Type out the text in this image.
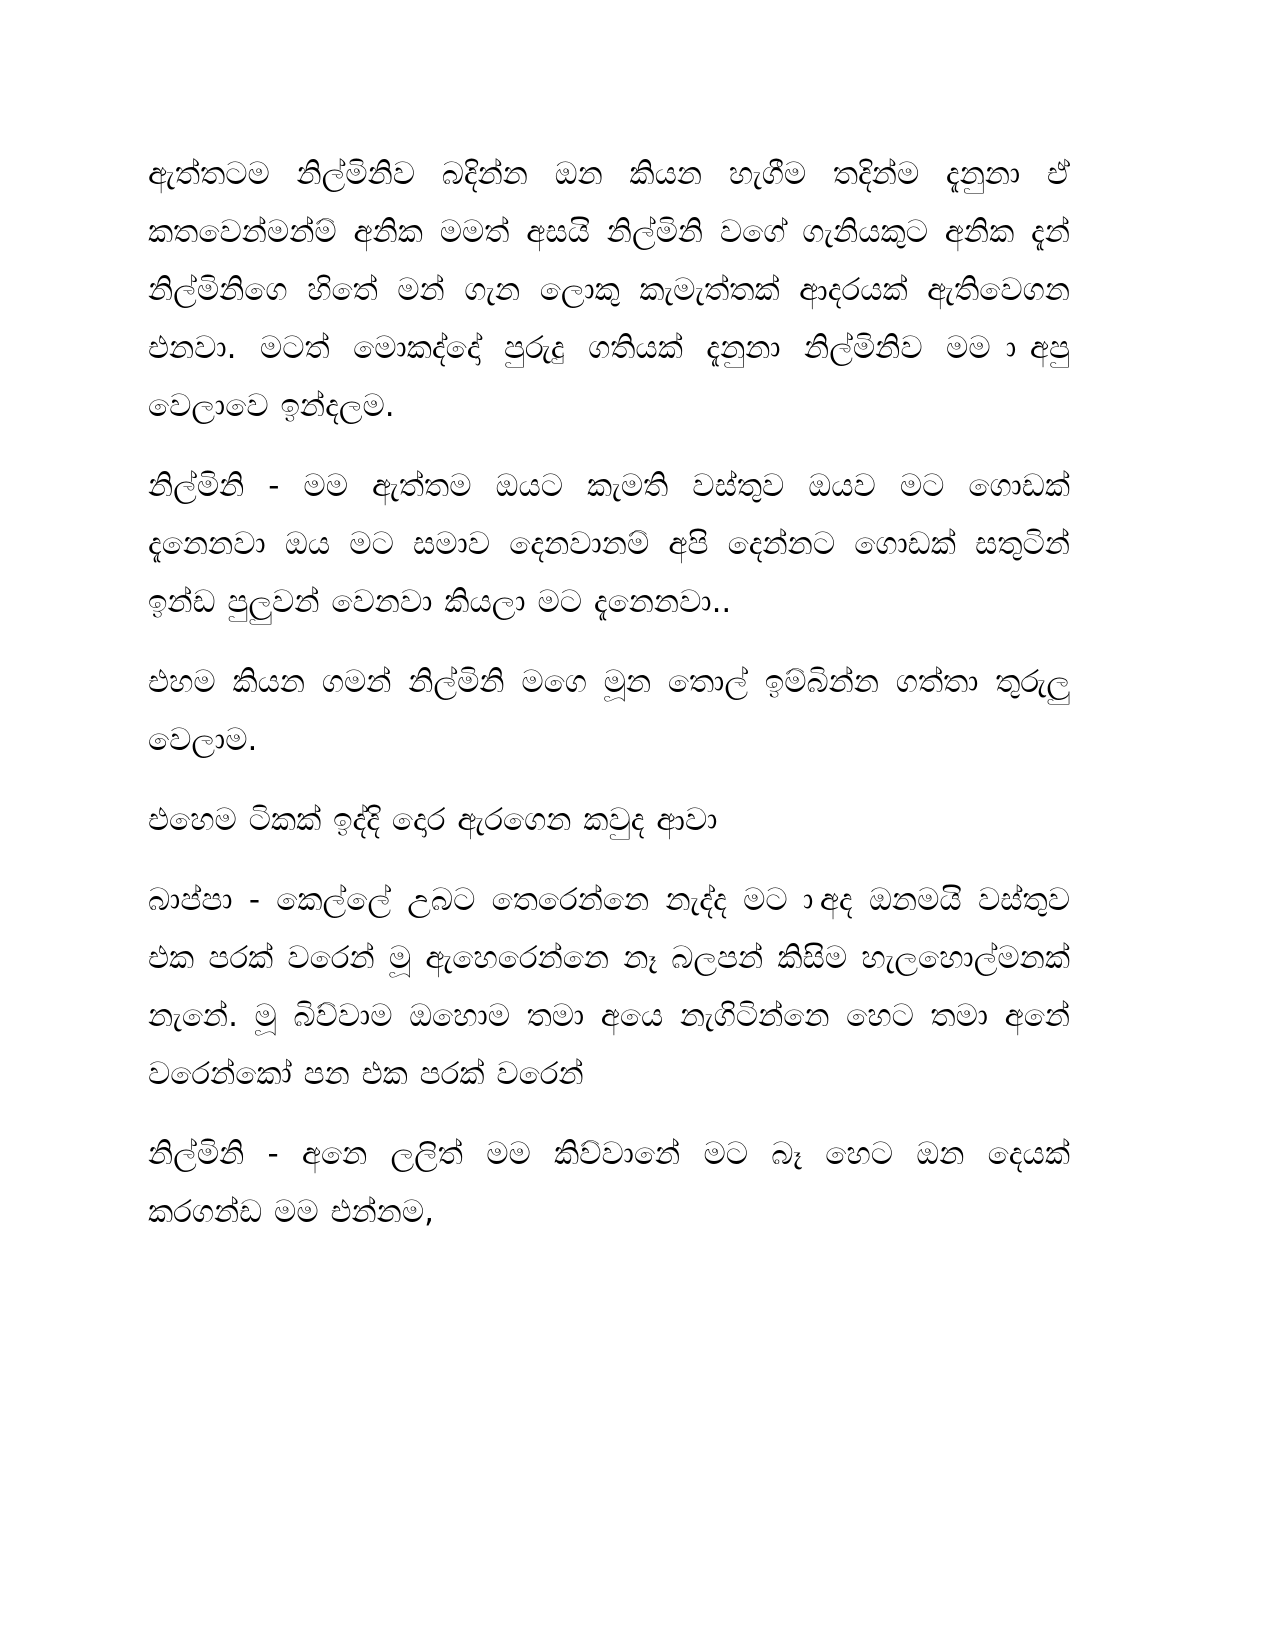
ඇත්තටම නිල්මිනිව බදින්න ඔන කියන හැගීම තදින්ම දැනුනා ඒ කතවෙන්මන්ම් අනික මමත් අසයි නිල්මිනි වගේ ගැනියකුට අනික දැන් නිල්මිනිගෙ හිතේ මන් ගැන ලොකු කැමැත්තක් ආදරයක් ඇතිවෙගන එනවා. මටත් මොකද්දෝ පුරුදු ගතියක් දැනුනා නිල්මිනිව මම ාඅපු වෙලාවෙ ඉන්දලම.

නිල්මිනි - මම ඇත්තම ඔයට කැමති වස්තුව ඔයව මට ගොඩක් දැනෙනවා ඔය මට සමාව දෙනවානම් අපි දෙන්නට ගොඩක් සතුටින් ඉන්ඩ පුලුවන් වෙනවා කියලා මට දැනෙනවා..

එහම කියන ගමන් නිල්මිනි මගෙ මූන තොල් ඉම්බින්න ගත්තා තුරුලු වෙලාම.

එහෙම ටිකක් ඉද්දි දොර ඇරගෙන කවුද ආවා

බාප්පා - කෙල්ලේ උබට තෙරෙන්නෙ නැද්ද මට ාඅද ඔනමයි වස්තුව එක පරක් වරෙන් මූ ඇහෙරෙන්නෙ නෑ බලපන් කිසිම හැලහොල්මනක් නැනේ. මූ බිව්වාම ඔහොම තමා අයෙ නැගිටින්නෙ හෙට තමා අනේ වරෙන්කෝ පන එක පරක් වරෙන්

නිල්මිනි - අනෙ ලලිත් මම කිව්වානේ මට බෑ හෙට ඔන දෙයක් කරගන්ඩ මම එන්නම,
